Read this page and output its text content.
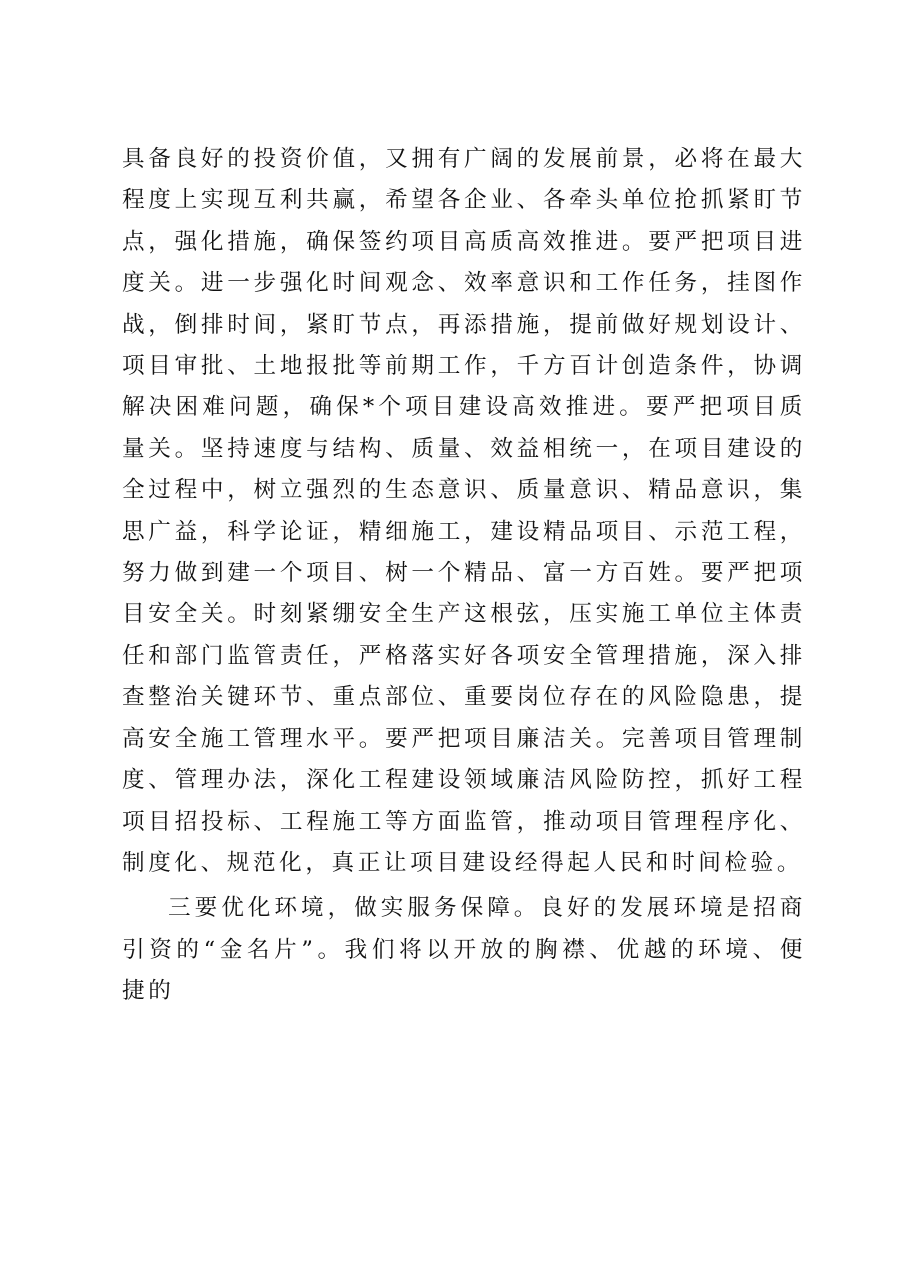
具备良好的投资价值，又拥有广阔的发展前景，必将在最大程度上实现互利共赢，希望各企业、各牵头单位抢抓紧盯节点，强化措施，确保签约项目高质高效推进。要严把项目进度关。进一步强化时间观念、效率意识和工作任务，挂图作战，倒排时间，紧盯节点，再添措施，提前做好规划设计、项目审批、土地报批等前期工作，千方百计创造条件，协调解决困难问题，确保*个项目建设高效推进。要严把项目质量关。坚持速度与结构、质量、效益相统一，在项目建设的全过程中，树立强烈的生态意识、质量意识、精品意识，集思广益，科学论证，精细施工，建设精品项目、示范工程，努力做到建一个项目、树一个精品、富一方百姓。要严把项目安全关。时刻紧绷安全生产这根弦，压实施工单位主体责任和部门监管责任，严格落实好各项安全管理措施，深入排查整治关键环节、重点部位、重要岗位存在的风险隐患，提高安全施工管理水平。要严把项目廉洁关。完善项目管理制度、管理办法，深化工程建设领域廉洁风险防控，抓好工程项目招投标、工程施工等方面监管，推动项目管理程序化、制度化、规范化，真正让项目建设经得起人民和时间检验。

三要优化环境，做实服务保障。良好的发展环境是招商引资的“金名片”。我们将以开放的胸襟、优越的环境、便捷的
